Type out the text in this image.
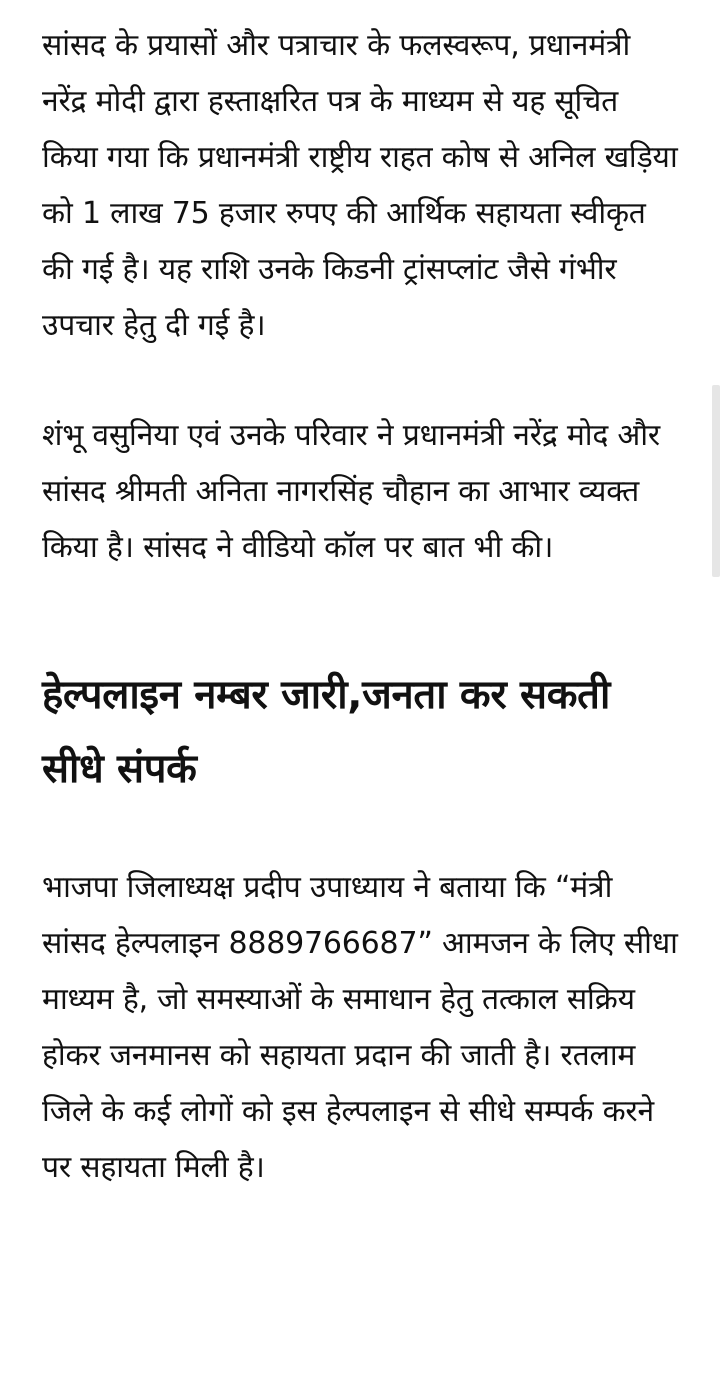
सांसद के प्रयासों और पत्राचार के फलस्वरूप, प्रधानमंत्री नरेंद्र मोदी द्वारा हस्ताक्षरित पत्र के माध्यम से यह सूचित किया गया कि प्रधानमंत्री राष्ट्रीय राहत कोष से अनिल खड़िया को 1 लाख 75 हजार रुपए की आर्थिक सहायता स्वीकृत की गई है। यह राशि उनके किडनी ट्रांसप्लांट जैसे गंभीर उपचार हेतु दी गई है।

शंभू वसुनिया एवं उनके परिवार ने प्रधानमंत्री नरेंद्र मोद और सांसद श्रीमती अनिता नागरसिंह चौहान का आभार व्यक्त किया है। सांसद ने वीडियो कॉल पर बात भी की।

हेल्पलाइन नम्बर जारी,जनता कर सकती सीधे संपर्क

भाजपा जिलाध्यक्ष प्रदीप उपाध्याय ने बताया कि “मंत्री सांसद हेल्पलाइन 8889766687” आमजन के लिए सीधा माध्यम है, जो समस्याओं के समाधान हेतु तत्काल सक्रिय होकर जनमानस को सहायता प्रदान की जाती है। रतलाम जिले के कई लोगों को इस हेल्पलाइन से सीधे सम्पर्क करने पर सहायता मिली है।
